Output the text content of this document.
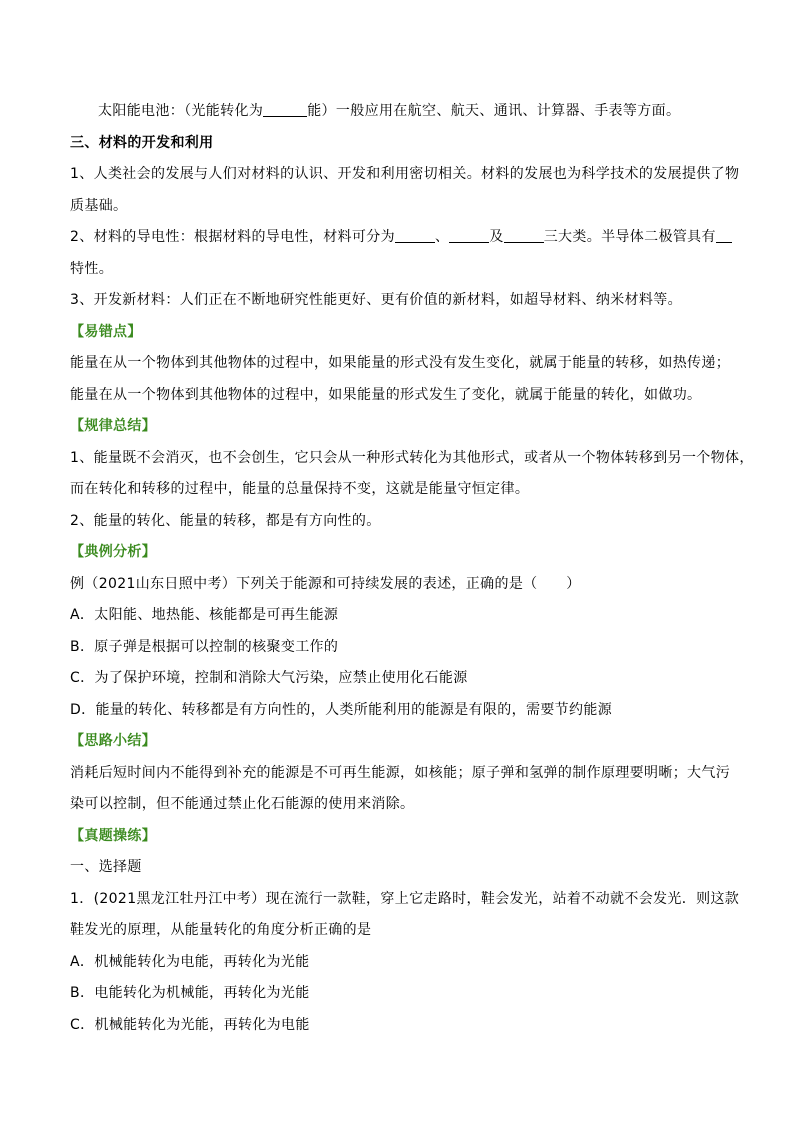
太阳能电池：（光能转化为	能）一般应用在航空、航天、通讯、计算器、手表等方面。
三、材料的开发和利用
1、人类社会的发展与人们对材料的认识、开发和利用密切相关。材料的发展也为科学技术的发展提供了物
质基础。
2、材料的导电性：根据材料的导电性，材料可分为	、	及	三大类。半导体二极管具有
特性。
3、开发新材料：人们正在不断地研究性能更好、更有价值的新材料，如超导材料、纳米材料等。
【易错点】
能量在从一个物体到其他物体的过程中，如果能量的形式没有发生变化，就属于能量的转移，如热传递；
能量在从一个物体到其他物体的过程中，如果能量的形式发生了变化，就属于能量的转化，如做功。
【规律总结】
1、能量既不会消灭，也不会创生，它只会从一种形式转化为其他形式，或者从一个物体转移到另一个物体，
而在转化和转移的过程中，能量的总量保持不变，这就是能量守恒定律。
2、能量的转化、能量的转移，都是有方向性的。
【典例分析】
例（2021山东日照中考）下列关于能源和可持续发展的表述，正确的是（　　）
A．太阳能、地热能、核能都是可再生能源
B．原子弹是根据可以控制的核聚变工作的
C．为了保护环境，控制和消除大气污染，应禁止使用化石能源
D．能量的转化、转移都是有方向性的，人类所能利用的能源是有限的，需要节约能源
【思路小结】
消耗后短时间内不能得到补充的能源是不可再生能源，如核能；原子弹和氢弹的制作原理要明晰；大气污
染可以控制，但不能通过禁止化石能源的使用来消除。
【真题操练】
一、选择题
1．(2021黑龙江牡丹江中考）现在流行一款鞋，穿上它走路时，鞋会发光，站着不动就不会发光．则这款
鞋发光的原理，从能量转化的角度分析正确的是
A．机械能转化为电能，再转化为光能
B．电能转化为机械能，再转化为光能
C．机械能转化为光能，再转化为电能
